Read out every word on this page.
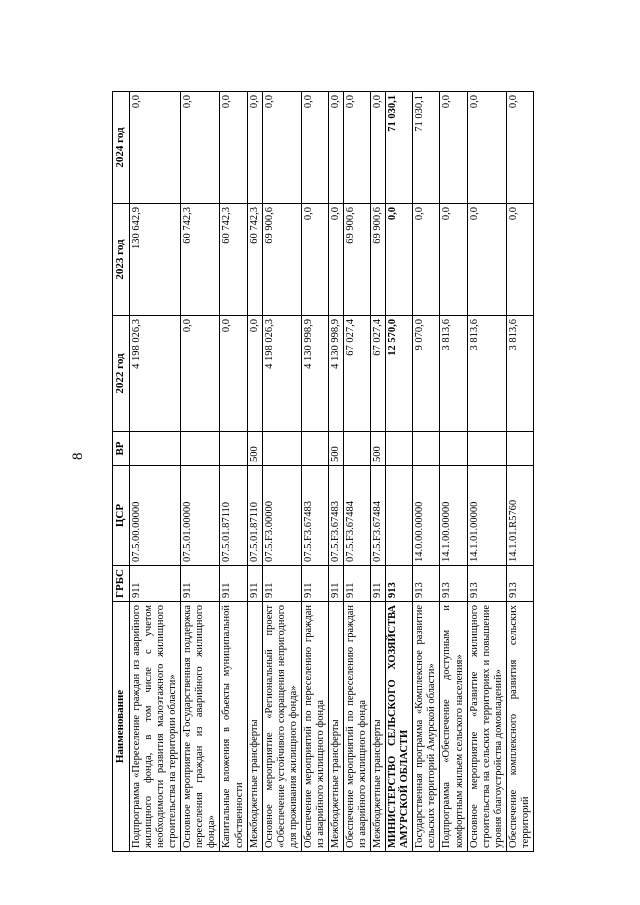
8
Наименование	ГРБС	ЦСР	ВР	2022 год	2023 год	2024 год
Подпрограмма «Переселение граждан из аварийного жилищного фонда, в том числе с учетом необходимости развития малоэтажного жилищного строительства на территории области»	911	07.5.00.00000		4 198 026,3	130 642,9	0,0
Основное мероприятие «Государственная поддержка переселения граждан из аварийного жилищного фонда»	911	07.5.01.00000		0,0	60 742,3	0,0
Капитальные вложения в объекты муниципальной собственности	911	07.5.01.87110		0,0	60 742,3	0,0
Межбюджетные трансферты	911	07.5.01.87110	500	0,0	60 742,3	0,0
Основное мероприятие «Региональный проект «Обеспечение устойчивого сокращения непригодного для проживания жилищного фонда»	911	07.5.F3.00000		4 198 026,3	69 900,6	0,0
Обеспечение мероприятий по переселению граждан из аварийного жилищного фонда	911	07.5.F3.67483		4 130 998,9	0,0	0,0
Межбюджетные трансферты	911	07.5.F3.67483	500	4 130 998,9	0,0	0,0
Обеспечение мероприятий по переселению граждан из аварийного жилищного фонда	911	07.5.F3.67484		67 027,4	69 900,6	0,0
Межбюджетные трансферты	911	07.5.F3.67484	500	67 027,4	69 900,6	0,0
МИНИСТЕРСТВО СЕЛЬСКОГО ХОЗЯЙСТВА АМУРСКОЙ ОБЛАСТИ	913			12 570,0	0,0	71 030,1
Государственная программа «Комплексное развитие сельских территорий Амурской области»	913	14.0.00.00000		9 070,0	0,0	71 030,1
Подпрограмма «Обеспечение доступным и комфортным жильем сельского населения»	913	14.1.00.00000		3 813,6	0,0	0,0
Основное мероприятие «Развитие жилищного строительства на сельских территориях и повышение уровня благоустройства домовладений»	913	14.1.01.00000		3 813,6	0,0	0,0
Обеспечение комплексного развития сельских территорий	913	14.1.01.R5760		3 813,6	0,0	0,0
